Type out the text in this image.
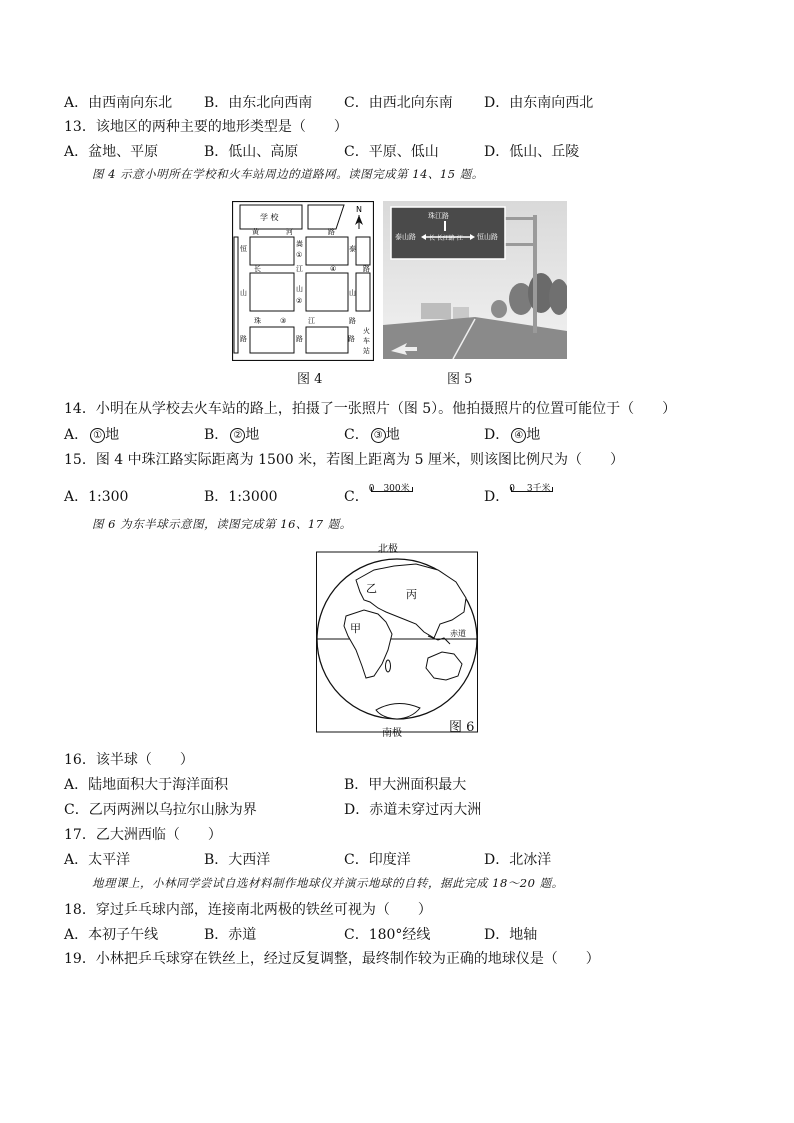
A．由西南向东北 B．由东北向西南 C．由西北向东南 D．由东南向西北
13．该地区的两种主要的地形类型是（　　）
A．盆地、平原	B．低山、高原	C．平原、低山	D．低山、丘陵
图 4 示意小明所在学校和火车站周边的道路网。读图完成第 14、15 题。
N
学 校
黄	河	路
恒
嵩
①
泰
长	江	④	路
山	山
②
山
珠	③	江	路
路	路	路
火
车
站
图 4
珠江路
泰山路 长 长江路 江 恒山路
图 5
14．小明在从学校去火车站的路上，拍摄了一张照片（图 5）。他拍摄照片的位置可能位于（　　）
A． ① 地	B． ② 地	C． ③ 地	D． ④ 地
15．图 4 中珠江路实际距离为 1500 米，若图上距离为 5 厘米，则该图比例尺为（　　）
A．1:300	B．1:3000	C． 0　300米	D． 0　 3千米
图 6 为东半球示意图，读图完成第 16、17 题。
北极
南极
甲
乙	丙
赤道
图 6
16．该半球（　　）
A．陆地面积大于海洋面积	B．甲大洲面积最大
C．乙丙两洲以乌拉尔山脉为界	D．赤道未穿过丙大洲
17．乙大洲西临（　　）
A．太平洋	B．大西洋	C．印度洋	D．北冰洋
地理课上，小林同学尝试自选材料制作地球仪并演示地球的自转，据此完成 18～20 题。
18．穿过乒乓球内部，连接南北两极的铁丝可视为（　　）
A．本初子午线	B．赤道	C．180°经线	D．地轴
19．小林把乒乓球穿在铁丝上，经过反复调整，最终制作较为正确的地球仪是（　　）
